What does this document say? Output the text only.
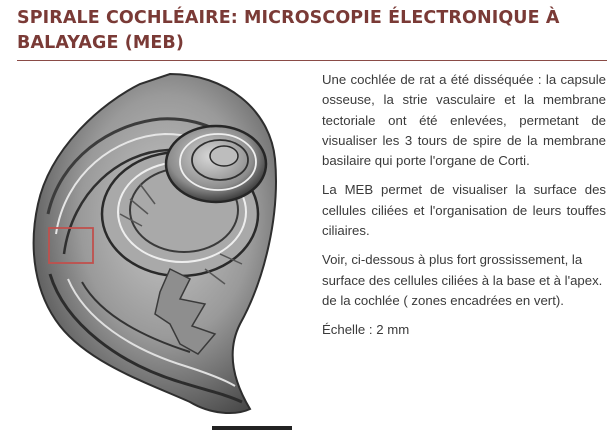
SPIRALE COCHLÉAIRE: MICROSCOPIE ÉLECTRONIQUE À BALAYAGE (MEB)

Une cochlée de rat a été disséquée : la capsule osseuse, la strie vasculaire et la membrane tectoriale ont été enlevées, permetant de visualiser les 3 tours de spire de la membrane basilaire qui porte l'organe de Corti.

La MEB permet de visualiser la surface des cellules ciliées et l'organisation de leurs touffes ciliaires.

Voir, ci-dessous à plus fort grossissement, la surface des cellules ciliées à la base et à l'apex. de la cochlée ( zones encadrées en vert).

Échelle : 2 mm
